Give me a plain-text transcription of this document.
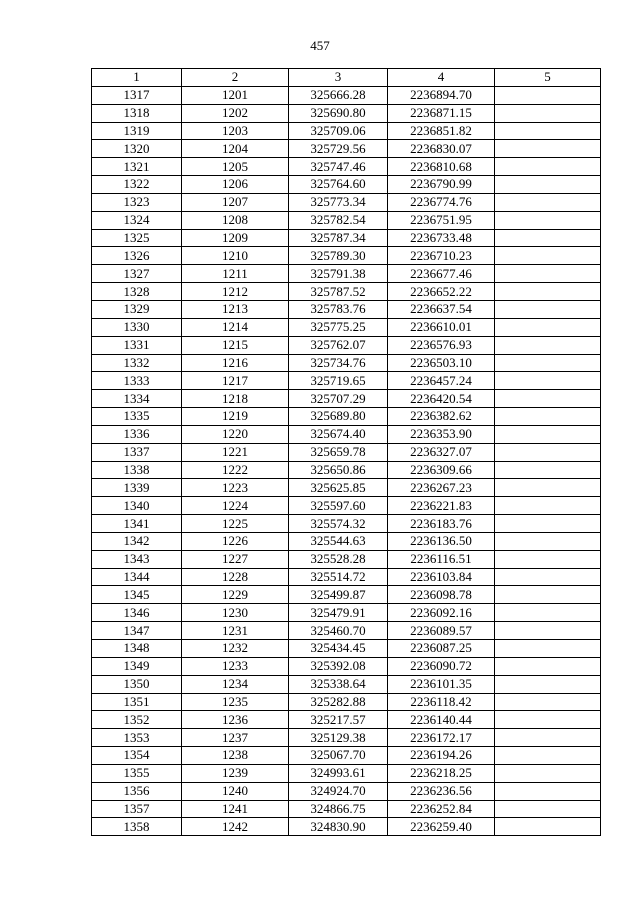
457
1	2	3	4	5
1317	1201	325666.28	2236894.70	
1318	1202	325690.80	2236871.15	
1319	1203	325709.06	2236851.82	
1320	1204	325729.56	2236830.07	
1321	1205	325747.46	2236810.68	
1322	1206	325764.60	2236790.99	
1323	1207	325773.34	2236774.76	
1324	1208	325782.54	2236751.95	
1325	1209	325787.34	2236733.48	
1326	1210	325789.30	2236710.23	
1327	1211	325791.38	2236677.46	
1328	1212	325787.52	2236652.22	
1329	1213	325783.76	2236637.54	
1330	1214	325775.25	2236610.01	
1331	1215	325762.07	2236576.93	
1332	1216	325734.76	2236503.10	
1333	1217	325719.65	2236457.24	
1334	1218	325707.29	2236420.54	
1335	1219	325689.80	2236382.62	
1336	1220	325674.40	2236353.90	
1337	1221	325659.78	2236327.07	
1338	1222	325650.86	2236309.66	
1339	1223	325625.85	2236267.23	
1340	1224	325597.60	2236221.83	
1341	1225	325574.32	2236183.76	
1342	1226	325544.63	2236136.50	
1343	1227	325528.28	2236116.51	
1344	1228	325514.72	2236103.84	
1345	1229	325499.87	2236098.78	
1346	1230	325479.91	2236092.16	
1347	1231	325460.70	2236089.57	
1348	1232	325434.45	2236087.25	
1349	1233	325392.08	2236090.72	
1350	1234	325338.64	2236101.35	
1351	1235	325282.88	2236118.42	
1352	1236	325217.57	2236140.44	
1353	1237	325129.38	2236172.17	
1354	1238	325067.70	2236194.26	
1355	1239	324993.61	2236218.25	
1356	1240	324924.70	2236236.56	
1357	1241	324866.75	2236252.84	
1358	1242	324830.90	2236259.40	
